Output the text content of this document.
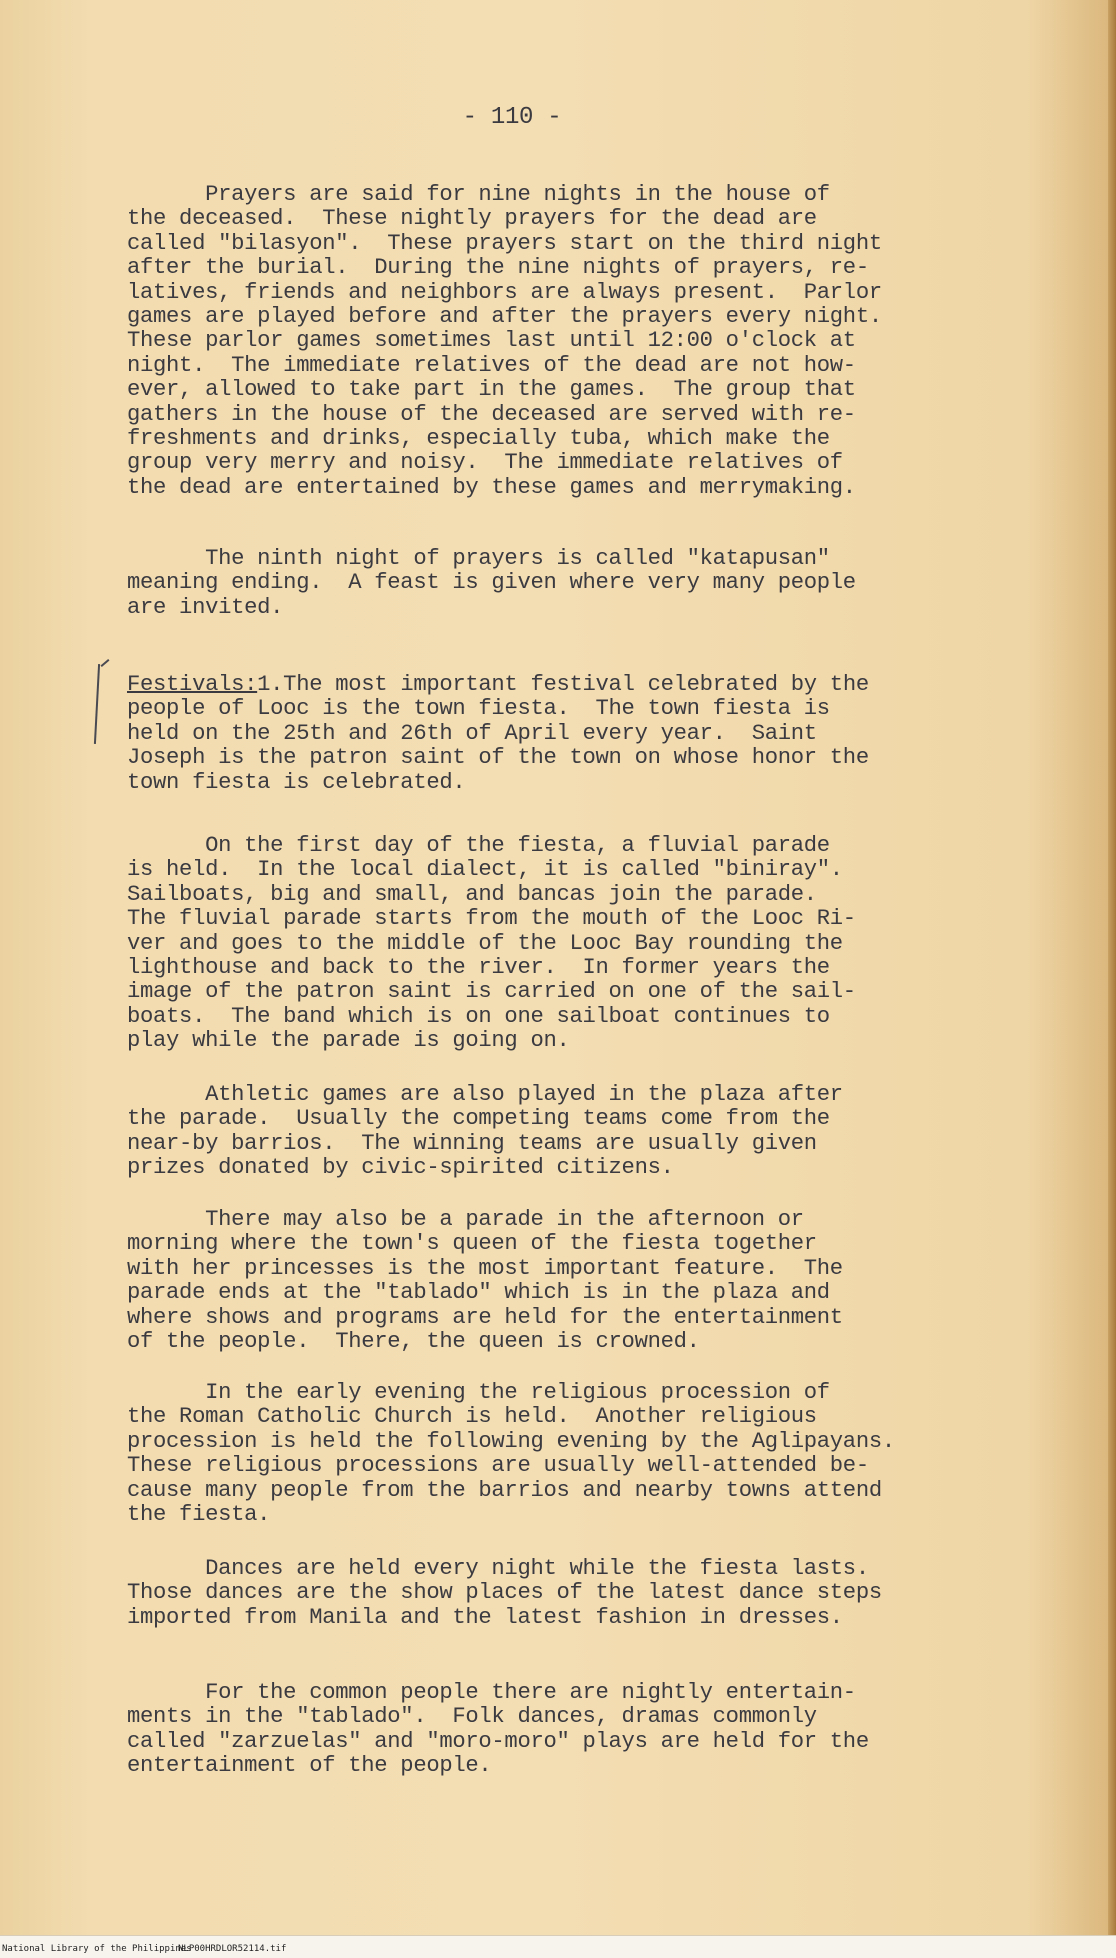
- 110 -

Prayers are said for nine nights in the house of
the deceased.  These nightly prayers for the dead are
called "bilasyon".  These prayers start on the third night
after the burial.  During the nine nights of prayers, re-
latives, friends and neighbors are always present.  Parlor
games are played before and after the prayers every night.
These parlor games sometimes last until 12:00 o'clock at
night.  The immediate relatives of the dead are not how-
ever, allowed to take part in the games.  The group that
gathers in the house of the deceased are served with re-
freshments and drinks, especially tuba, which make the
group very merry and noisy.  The immediate relatives of
the dead are entertained by these games and merrymaking.

The ninth night of prayers is called "katapusan"
meaning ending.  A feast is given where very many people
are invited.

Festivals:1.The most important festival celebrated by the
people of Looc is the town fiesta.  The town fiesta is
held on the 25th and 26th of April every year.  Saint
Joseph is the patron saint of the town on whose honor the
town fiesta is celebrated.

On the first day of the fiesta, a fluvial parade
is held.  In the local dialect, it is called "biniray".
Sailboats, big and small, and bancas join the parade.
The fluvial parade starts from the mouth of the Looc Ri-
ver and goes to the middle of the Looc Bay rounding the
lighthouse and back to the river.  In former years the
image of the patron saint is carried on one of the sail-
boats.  The band which is on one sailboat continues to
play while the parade is going on.

Athletic games are also played in the plaza after
the parade.  Usually the competing teams come from the
near-by barrios.  The winning teams are usually given
prizes donated by civic-spirited citizens.

There may also be a parade in the afternoon or
morning where the town's queen of the fiesta together
with her princesses is the most important feature.  The
parade ends at the "tablado" which is in the plaza and
where shows and programs are held for the entertainment
of the people.  There, the queen is crowned.

In the early evening the religious procession of
the Roman Catholic Church is held.  Another religious
procession is held the following evening by the Aglipayans.
These religious processions are usually well-attended be-
cause many people from the barrios and nearby towns attend
the fiesta.

Dances are held every night while the fiesta lasts.
Those dances are the show places of the latest dance steps
imported from Manila and the latest fashion in dresses.

For the common people there are nightly entertain-
ments in the "tablado".  Folk dances, dramas commonly
called "zarzuelas" and "moro-moro" plays are held for the
entertainment of the people.

National Library of the Philippines
NLP00HRDLOR52114.tif
